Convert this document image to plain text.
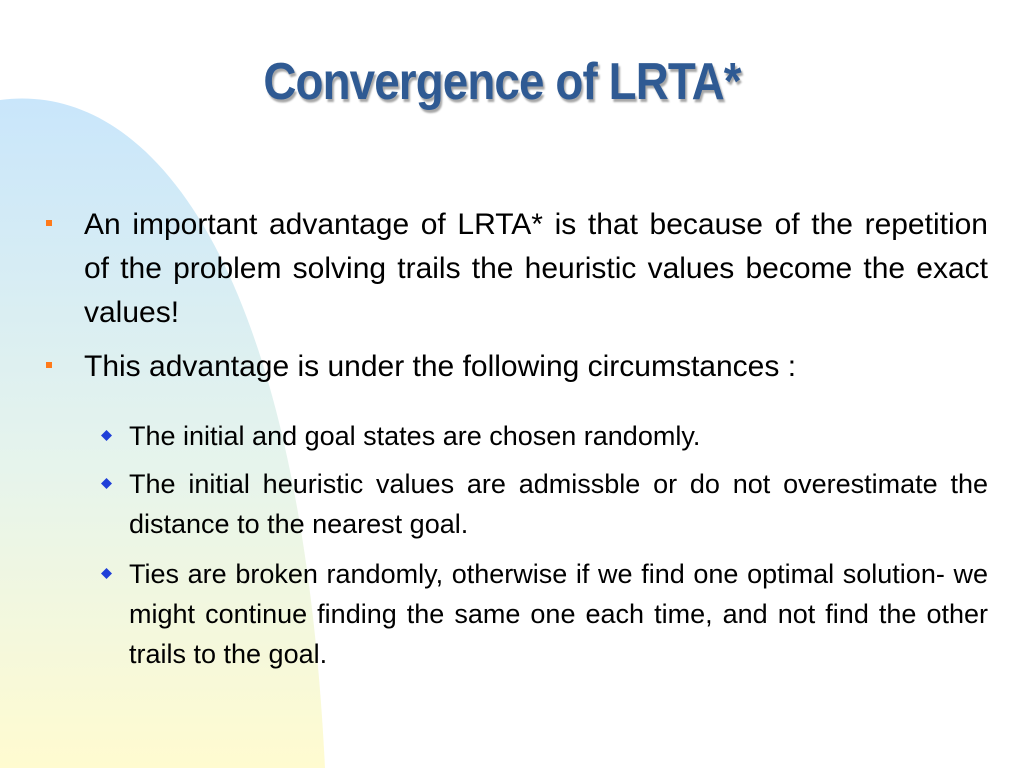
Convergence of LRTA*
An important advantage of LRTA* is that because of the repetition of the problem solving trails the heuristic values become the exact values!
This advantage is under the following circumstances :
The initial and goal states are chosen randomly.
The initial heuristic values are admissble or do not overestimate the distance to the nearest goal.
Ties are broken randomly, otherwise if we find one optimal solution- we might continue finding the same one each time, and not find the other trails to the goal.
